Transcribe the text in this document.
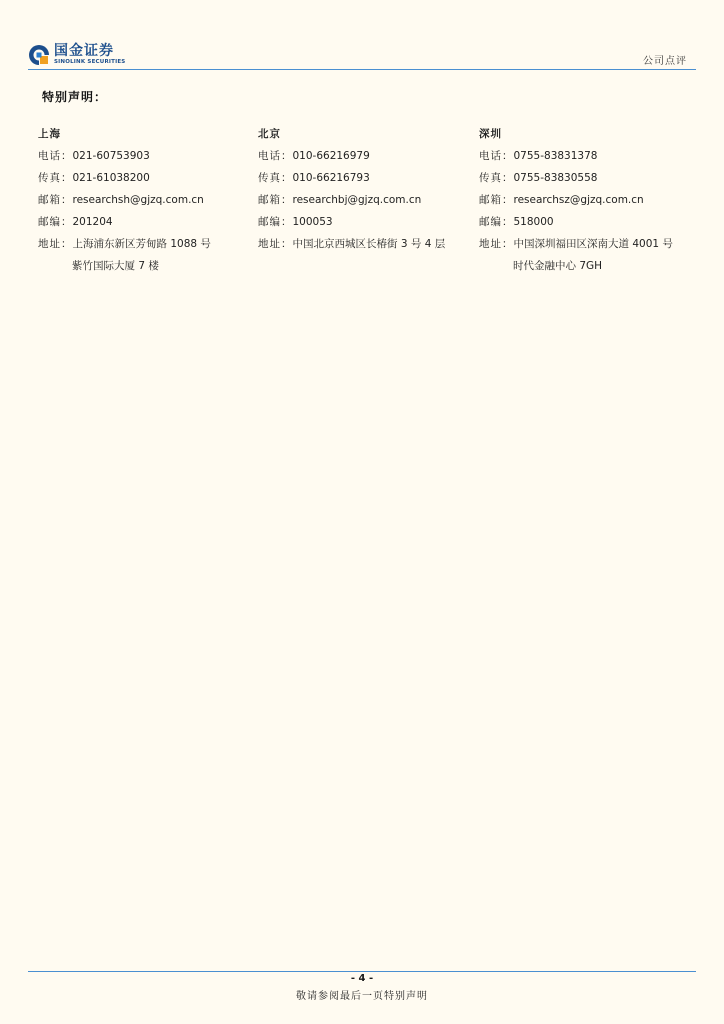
国金证券
SINOLINK SECURITIES	公司点评
特别声明：
上海
电话：021-60753903
传真：021-61038200
邮箱：researchsh@gjzq.com.cn
邮编：201204
地址：上海浦东新区芳甸路 1088 号
紫竹国际大厦 7 楼
北京
电话：010-66216979
传真：010-66216793
邮箱：researchbj@gjzq.com.cn
邮编：100053
地址：中国北京西城区长椿街 3 号 4 层
深圳
电话：0755-83831378
传真：0755-83830558
邮箱：researchsz@gjzq.com.cn
邮编：518000
地址：中国深圳福田区深南大道 4001 号
时代金融中心 7GH
- 4 -
敬请参阅最后一页特别声明
